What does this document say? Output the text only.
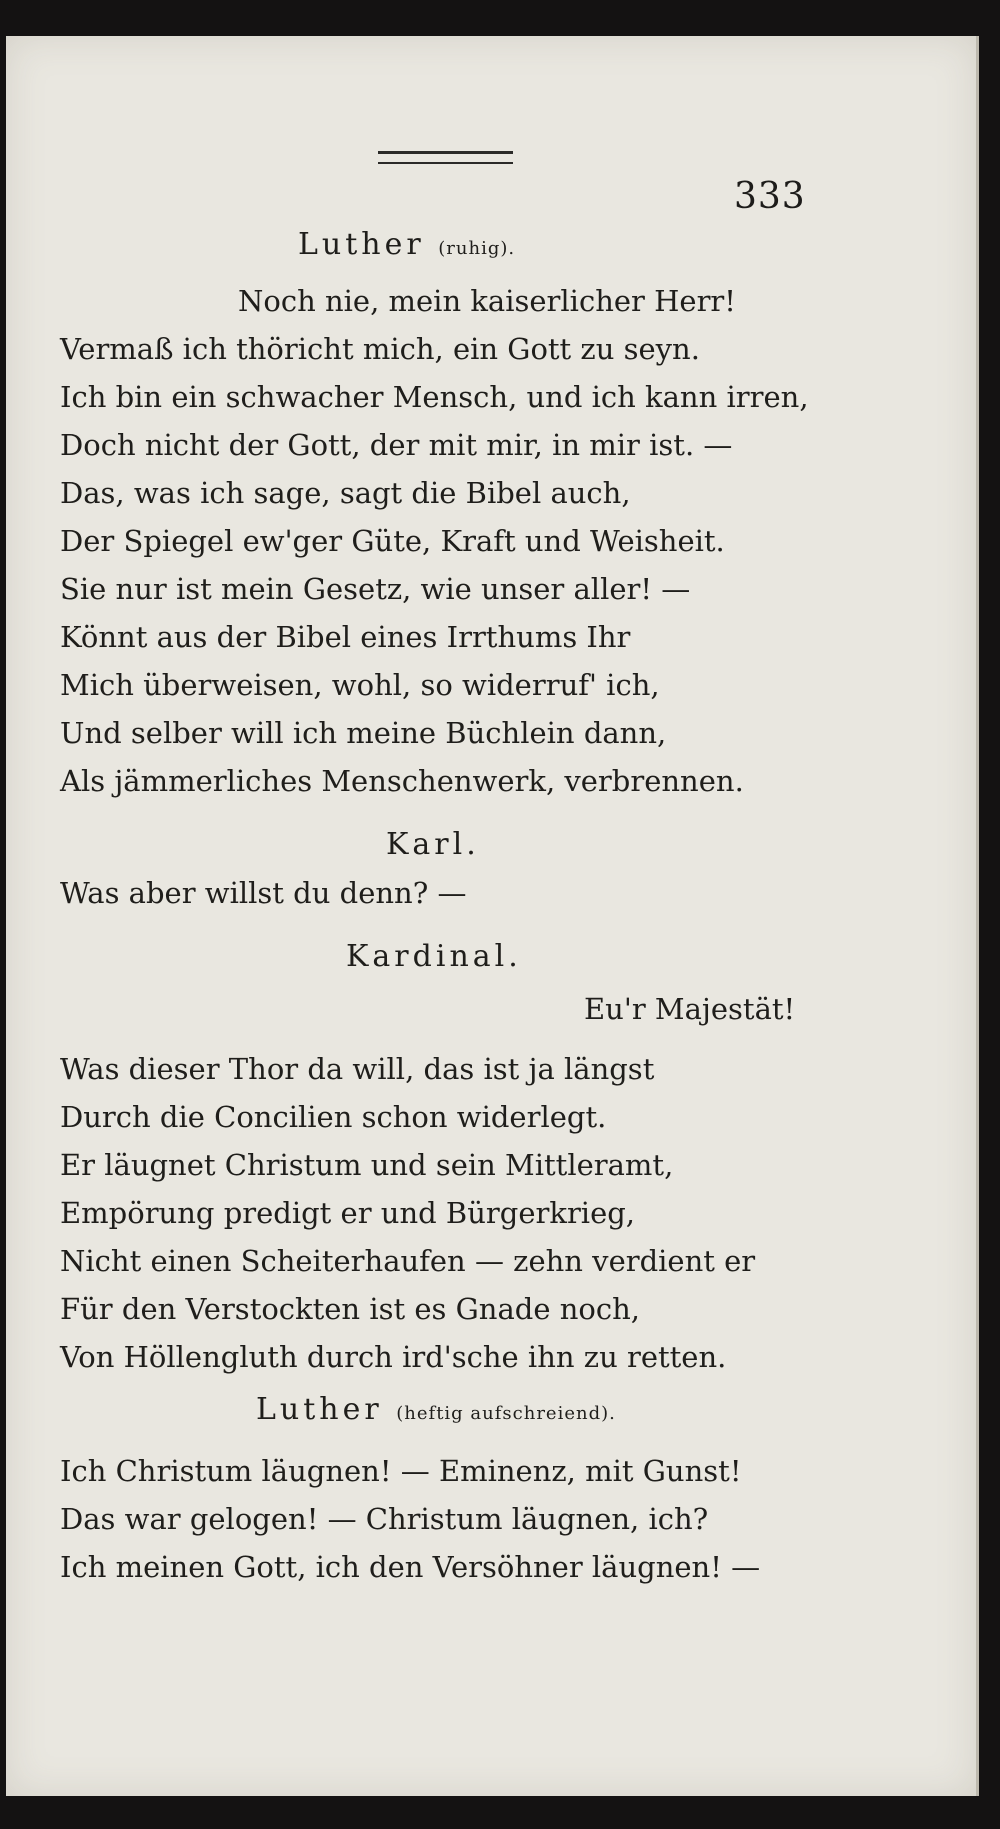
333
Luther (ruhig).
Noch nie, mein kaiserlicher Herr!
Vermaß ich thöricht mich, ein Gott zu seyn.
Ich bin ein schwacher Mensch, und ich kann irren,
Doch nicht der Gott, der mit mir, in mir ist. —
Das, was ich sage, sagt die Bibel auch,
Der Spiegel ew'ger Güte, Kraft und Weisheit.
Sie nur ist mein Gesetz, wie unser aller! —
Könnt aus der Bibel eines Irrthums Ihr
Mich überweisen, wohl, so widerruf' ich,
Und selber will ich meine Büchlein dann,
Als jämmerliches Menschenwerk, verbrennen.
Karl.
Was aber willst du denn? —
Kardinal.
Eu'r Majestät!
Was dieser Thor da will, das ist ja längst
Durch die Concilien schon widerlegt.
Er läugnet Christum und sein Mittleramt,
Empörung predigt er und Bürgerkrieg,
Nicht einen Scheiterhaufen — zehn verdient er
Für den Verstockten ist es Gnade noch,
Von Höllengluth durch ird'sche ihn zu retten.
Luther (heftig aufschreiend).
Ich Christum läugnen! — Eminenz, mit Gunst!
Das war gelogen! — Christum läugnen, ich?
Ich meinen Gott, ich den Versöhner läugnen! —
